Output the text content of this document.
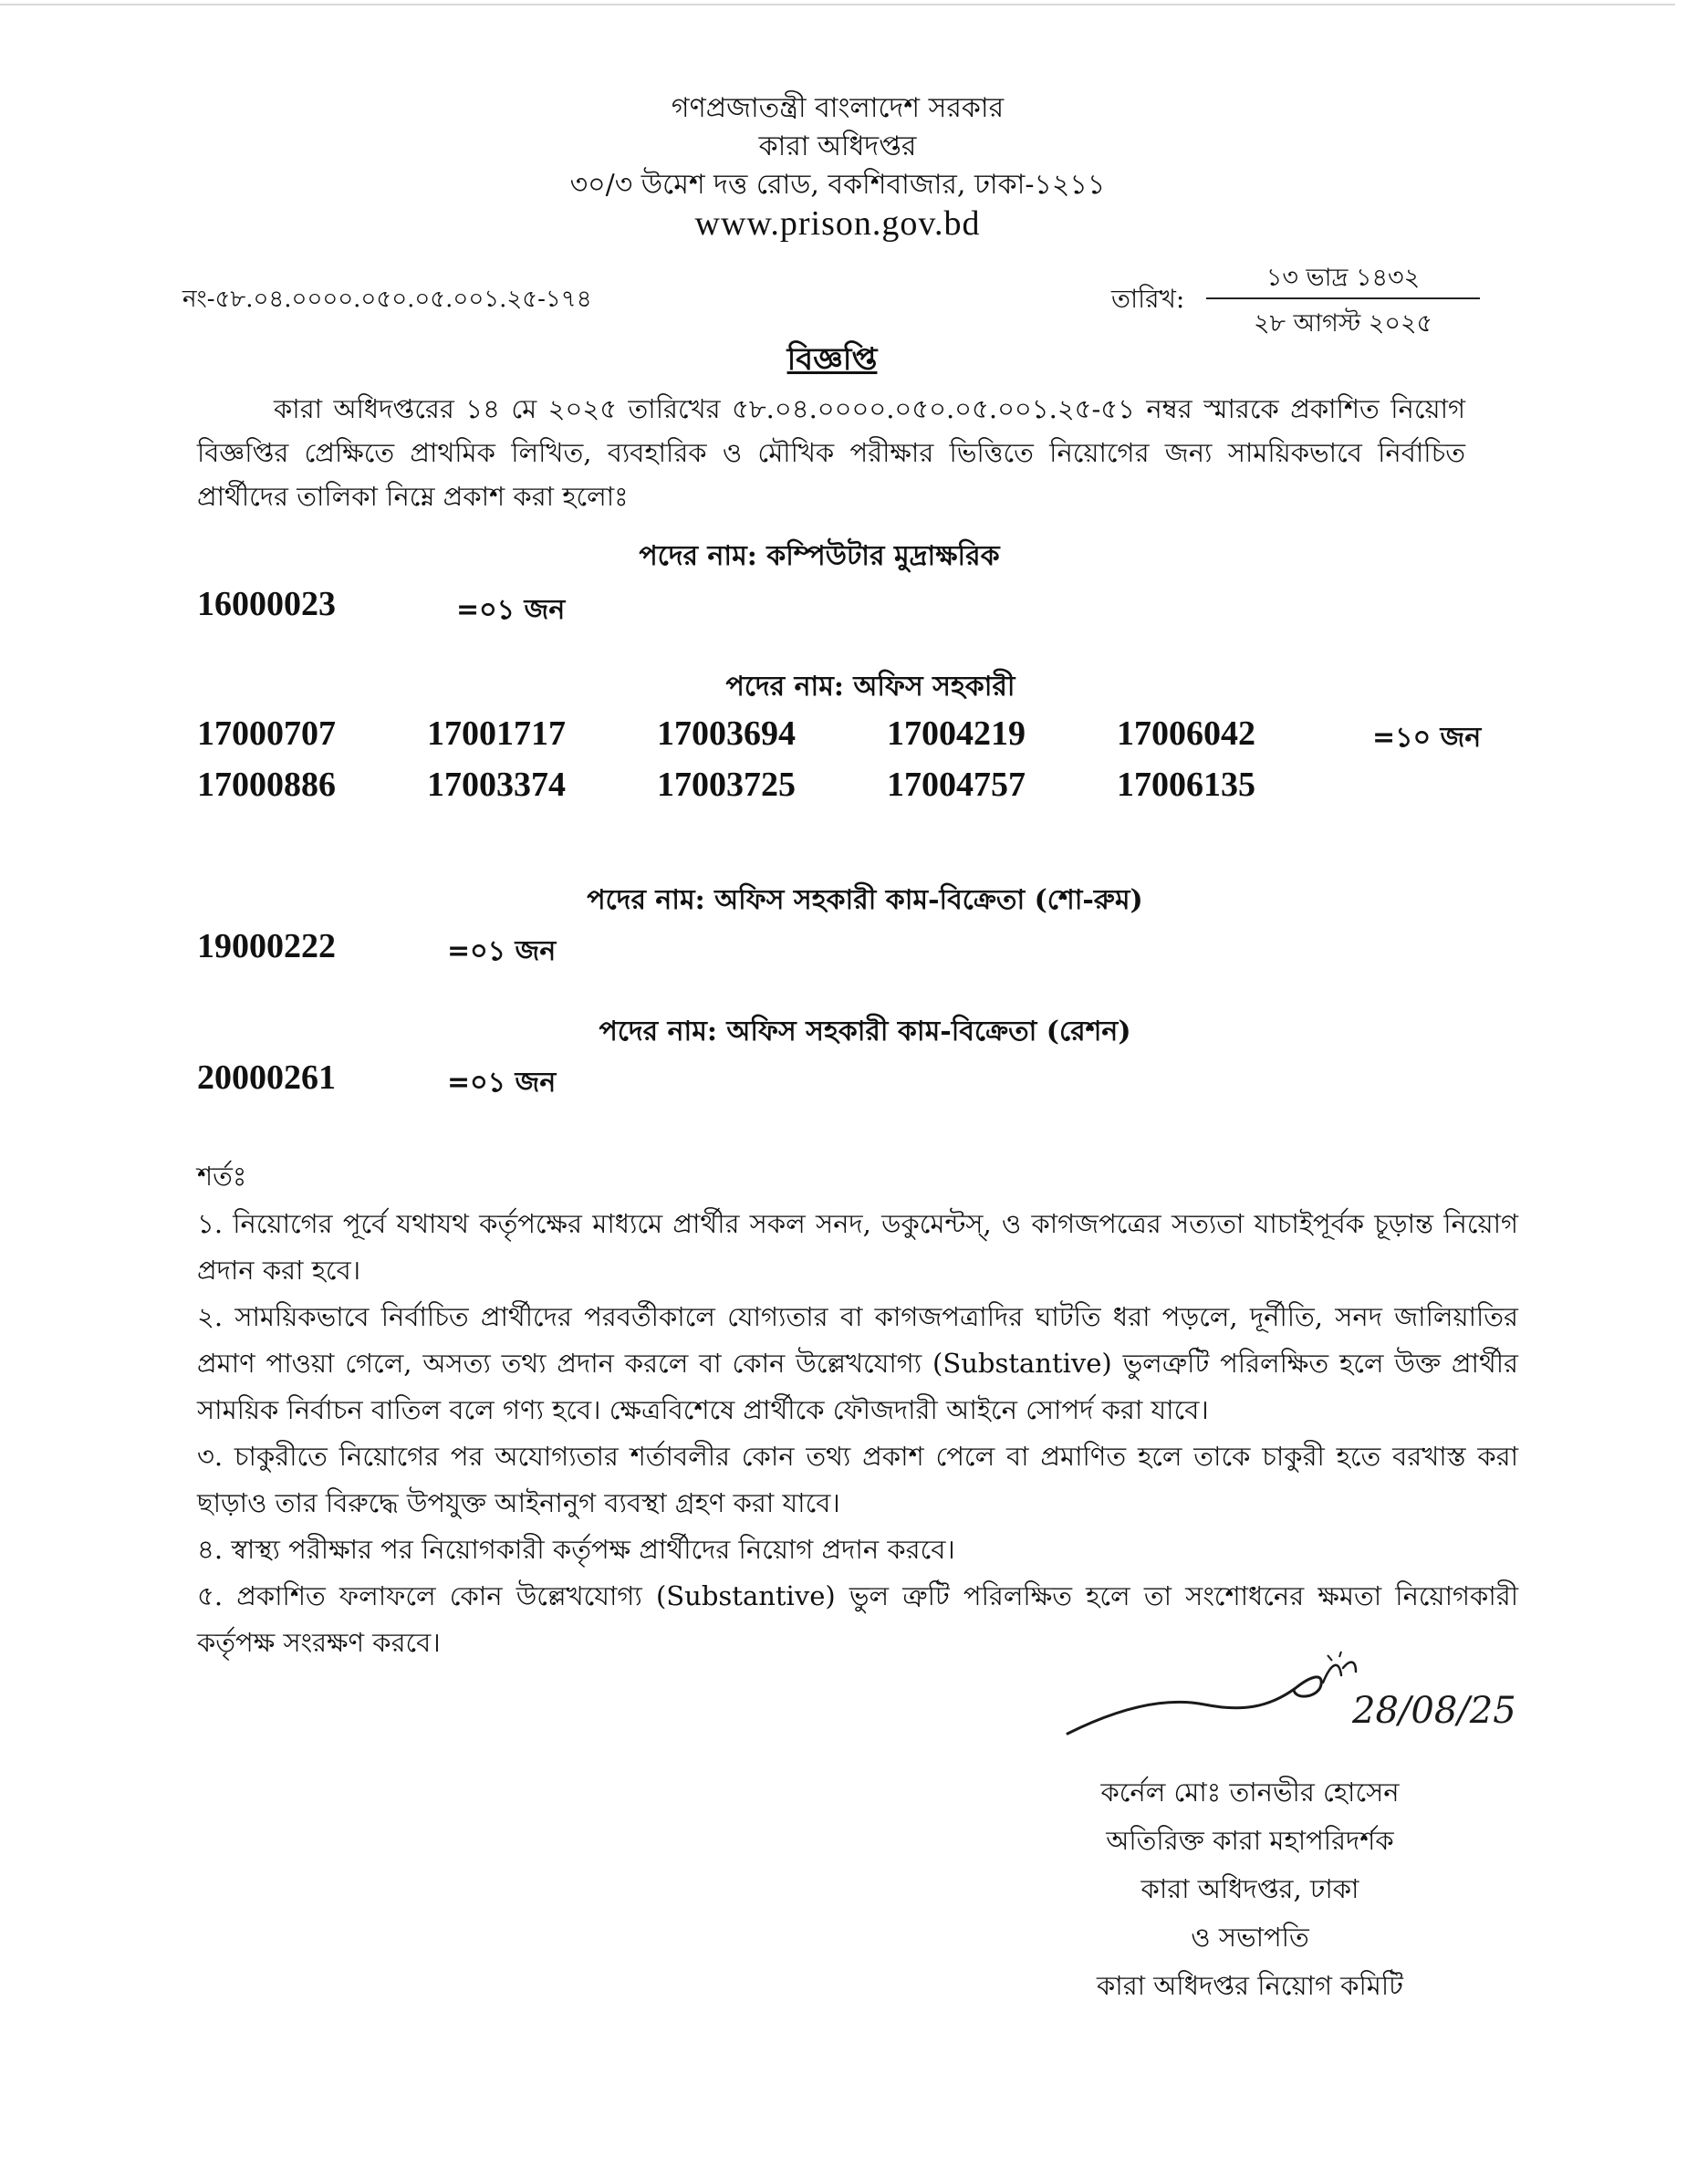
গণপ্রজাতন্ত্রী বাংলাদেশ সরকার
কারা অধিদপ্তর
৩০/৩ উমেশ দত্ত রোড, বকশিবাজার, ঢাকা-১২১১
www.prison.gov.bd
নং-৫৮.০৪.০০০০.০৫০.০৫.০০১.২৫-১৭৪	তারিখ:
১৩ ভাদ্র ১৪৩২
২৮ আগস্ট ২০২৫
বিজ্ঞপ্তি
কারা অধিদপ্তরের ১৪ মে ২০২৫ তারিখের ৫৮.০৪.০০০০.০৫০.০৫.০০১.২৫-৫১ নম্বর স্মারকে প্রকাশিত নিয়োগ বিজ্ঞপ্তির প্রেক্ষিতে প্রাথমিক লিখিত, ব্যবহারিক ও মৌখিক পরীক্ষার ভিত্তিতে নিয়োগের জন্য সাময়িকভাবে নির্বাচিত প্রার্থীদের তালিকা নিম্নে প্রকাশ করা হলোঃ
পদের নাম: কম্পিউটার মুদ্রাক্ষরিক
16000023	=০১ জন
পদের নাম: অফিস সহকারী
17000707	17001717	17003694	17004219	17006042	=১০ জন
17000886	17003374	17003725	17004757	17006135
পদের নাম: অফিস সহকারী কাম-বিক্রেতা (শো-রুম)
19000222	=০১ জন
পদের নাম: অফিস সহকারী কাম-বিক্রেতা (রেশন)
20000261	=০১ জন
শর্তঃ
১. নিয়োগের পূর্বে যথাযথ কর্তৃপক্ষের মাধ্যমে প্রার্থীর সকল সনদ, ডকুমেন্টস্, ও কাগজপত্রের সত্যতা যাচাইপূর্বক চূড়ান্ত নিয়োগ প্রদান করা হবে।
২. সাময়িকভাবে নির্বাচিত প্রার্থীদের পরবর্তীকালে যোগ্যতার বা কাগজপত্রাদির ঘাটতি ধরা পড়লে, দূর্নীতি, সনদ জালিয়াতির প্রমাণ পাওয়া গেলে, অসত্য তথ্য প্রদান করলে বা কোন উল্লেখযোগ্য (Substantive) ভুলত্রুটি পরিলক্ষিত হলে উক্ত প্রার্থীর সাময়িক নির্বাচন বাতিল বলে গণ্য হবে। ক্ষেত্রবিশেষে প্রার্থীকে ফৌজদারী আইনে সোপর্দ করা যাবে।
৩. চাকুরীতে নিয়োগের পর অযোগ্যতার শর্তাবলীর কোন তথ্য প্রকাশ পেলে বা প্রমাণিত হলে তাকে চাকুরী হতে বরখাস্ত করা ছাড়াও তার বিরুদ্ধে উপযুক্ত আইনানুগ ব্যবস্থা গ্রহণ করা যাবে।
৪. স্বাস্থ্য পরীক্ষার পর নিয়োগকারী কর্তৃপক্ষ প্রার্থীদের নিয়োগ প্রদান করবে।
৫. প্রকাশিত ফলাফলে কোন উল্লেখযোগ্য (Substantive) ভুল ত্রুটি পরিলক্ষিত হলে তা সংশোধনের ক্ষমতা নিয়োগকারী কর্তৃপক্ষ সংরক্ষণ করবে।
28/08/25
কর্নেল মোঃ তানভীর হোসেন
অতিরিক্ত কারা মহাপরিদর্শক
কারা অধিদপ্তর, ঢাকা
ও সভাপতি
কারা অধিদপ্তর নিয়োগ কমিটি
